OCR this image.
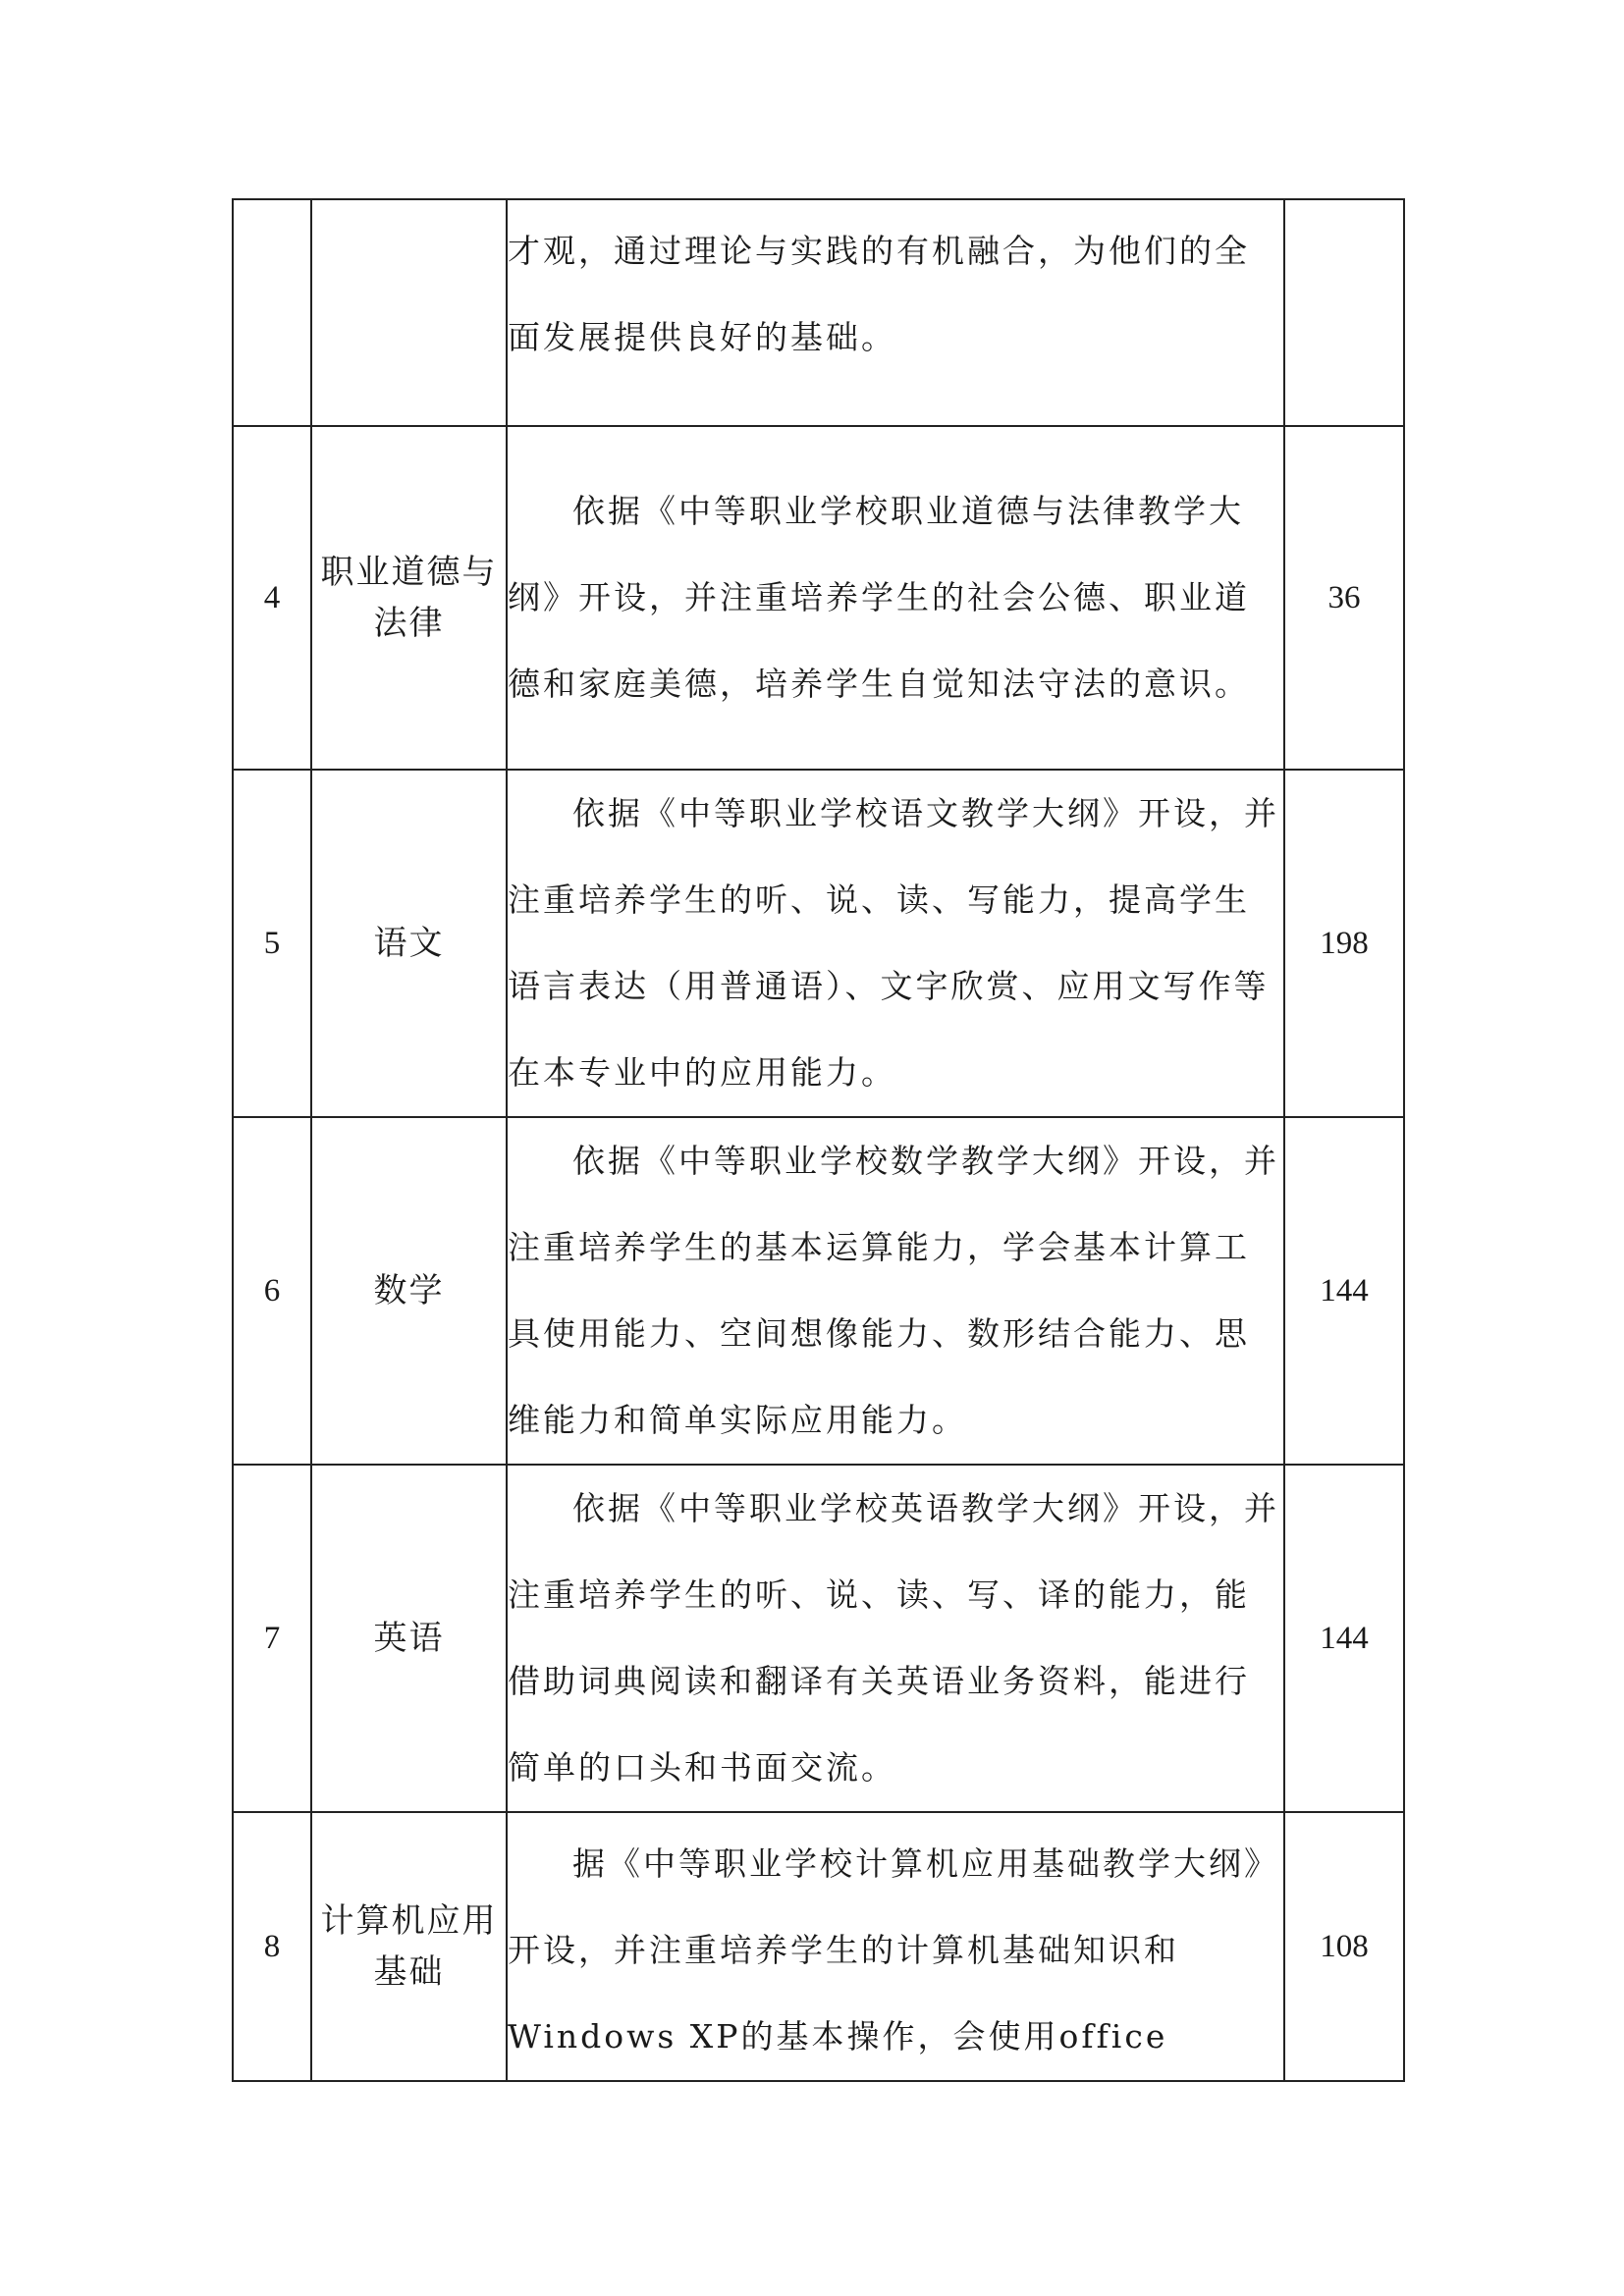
		才观，通过理论与实践的有机融合，为他们的全面发展提供良好的基础。	

4	职业道德与法律	依据《中等职业学校职业道德与法律教学大纲》开设，并注重培养学生的社会公德、职业道德和家庭美德，培养学生自觉知法守法的意识。	36
5	语文	依据《中等职业学校语文教学大纲》开设，并注重培养学生的听、说、读、写能力，提高学生语言表达（用普通语）、文字欣赏、应用文写作等在本专业中的应用能力。	198
6	数学	依据《中等职业学校数学教学大纲》开设，并注重培养学生的基本运算能力，学会基本计算工具使用能力、空间想像能力、数形结合能力、思维能力和简单实际应用能力。	144
7	英语	依据《中等职业学校英语教学大纲》开设，并注重培养学生的听、说、读、写、译的能力，能借助词典阅读和翻译有关英语业务资料，能进行简单的口头和书面交流。	144
8	计算机应用基础	据《中等职业学校计算机应用基础教学大纲》开设，并注重培养学生的计算机基础知识和Windows XP的基本操作，会使用office	108
